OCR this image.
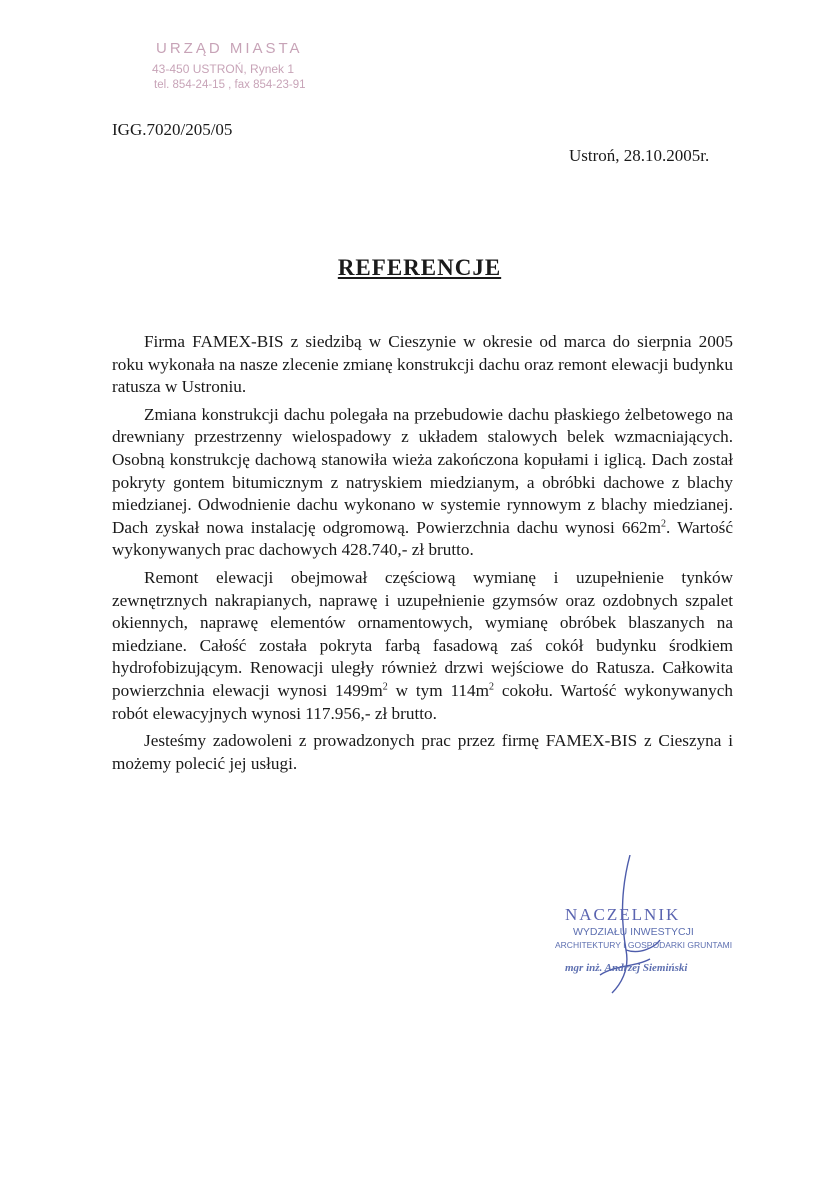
URZĄD MIASTA
43-450 USTROŃ, Rynek 1
tel. 854-24-15 , fax 854-23-91
IGG.7020/205/05
Ustroń, 28.10.2005r.
REFERENCJE

Firma FAMEX-BIS z siedzibą w Cieszynie w okresie od marca do sierpnia 2005 roku wykonała na nasze zlecenie zmianę konstrukcji dachu oraz remont elewacji budynku ratusza w Ustroniu.

Zmiana konstrukcji dachu polegała na przebudowie dachu płaskiego żelbetowego na drewniany przestrzenny wielospadowy z układem stalowych belek wzmacniających. Osobną konstrukcję dachową stanowiła wieża zakończona kopułami i iglicą. Dach został pokryty gontem bitumicznym z natryskiem miedzianym, a obróbki dachowe z blachy miedzianej. Odwodnienie dachu wykonano w systemie rynnowym z blachy miedzianej. Dach zyskał nowa instalację odgromową. Powierzchnia dachu wynosi $662m^2$. Wartość wykonywanych prac dachowych 428.740,- zł brutto.

Remont elewacji obejmował częściową wymianę i uzupełnienie tynków zewnętrznych nakrapianych, naprawę i uzupełnienie gzymsów oraz ozdobnych szpalet okiennych, naprawę elementów ornamentowych, wymianę obróbek blaszanych na miedziane. Całość została pokryta farbą fasadową zaś cokół budynku środkiem hydrofobizującym. Renowacji uległy również drzwi wejściowe do Ratusza. Całkowita powierzchnia elewacji wynosi $1499m^2$ w tym $114m^2$ cokołu. Wartość wykonywanych robót elewacyjnych wynosi 117.956,- zł brutto.

Jesteśmy zadowoleni z prowadzonych prac przez firmę FAMEX-BIS z Cieszyna i możemy polecić jej usługi.

NACZELNIK
WYDZIAŁU INWESTYCJI
ARCHITEKTURY I GOSPODARKI GRUNTAMI
mgr inż. Andrzej Siemiński
